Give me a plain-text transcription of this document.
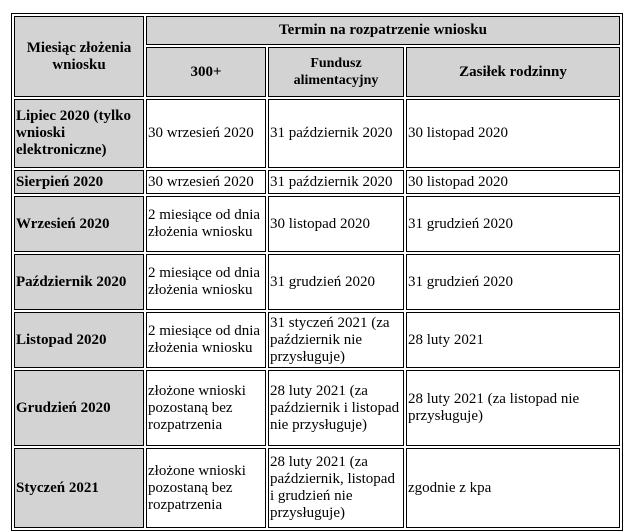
Miesiąc złożenia wniosku	Termin na rozpatrzenie wniosku		
	300+	Fundusz alimentacyjny	Zasiłek rodzinny
Lipiec 2020 (tylko wnioski elektroniczne)	30 wrzesień 2020	31 październik 2020	30 listopad 2020
Sierpień 2020	30 wrzesień 2020	31 październik 2020	30 listopad 2020
Wrzesień 2020	2 miesiące od dnia złożenia wniosku	30 listopad 2020	31 grudzień 2020
Październik 2020	2 miesiące od dnia złożenia wniosku	31 grudzień 2020	31 grudzień 2020
Listopad 2020	2 miesiące od dnia złożenia wniosku	31 styczeń 2021 (za październik nie przysługuje)	28 luty 2021
Grudzień 2020	złożone wnioski pozostaną bez rozpatrzenia	28 luty 2021 (za październik i listopad nie przysługuje)	28 luty 2021 (za listopad nie przysługuje)
Styczeń 2021	złożone wnioski pozostaną bez rozpatrzenia	28 luty 2021 (za październik, listopad i grudzień nie przysługuje)	zgodnie z kpa
